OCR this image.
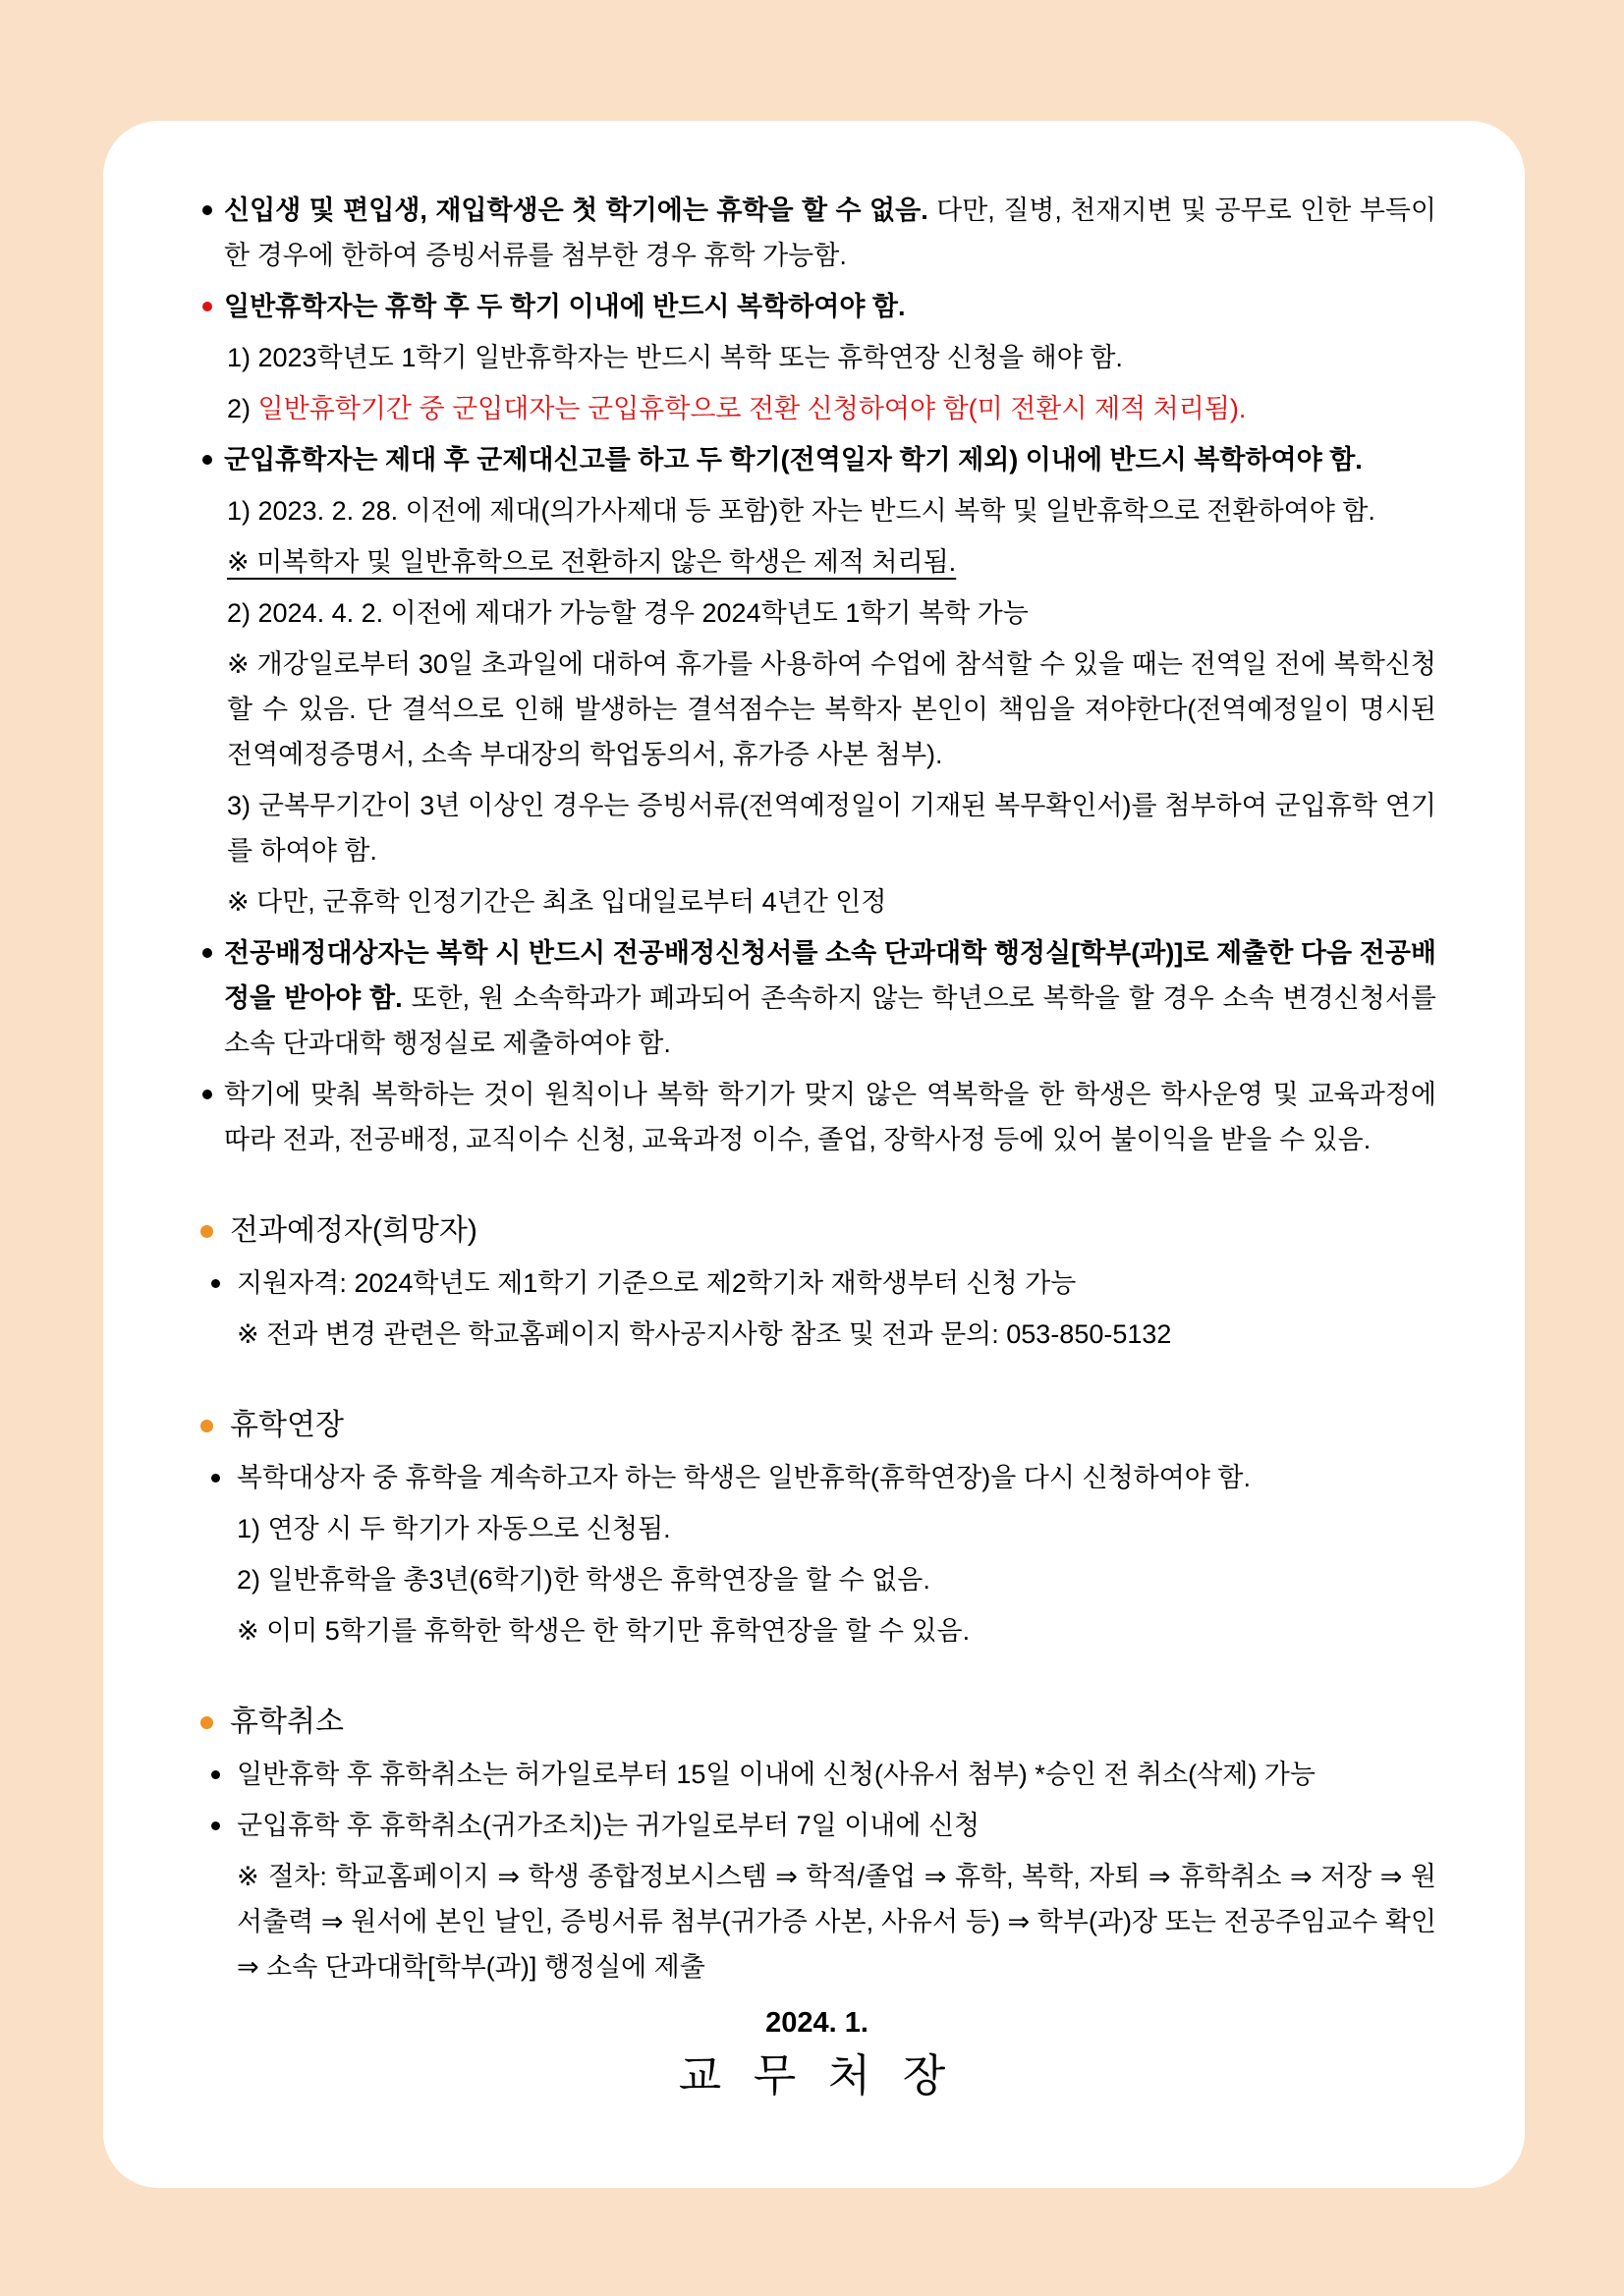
신입생 및 편입생, 재입학생은 첫 학기에는 휴학을 할 수 없음. 다만, 질병, 천재지변 및 공무로 인한 부득이한 경우에 한하여 증빙서류를 첨부한 경우 휴학 가능함.
일반휴학자는 휴학 후 두 학기 이내에 반드시 복학하여야 함.
1) 2023학년도 1학기 일반휴학자는 반드시 복학 또는 휴학연장 신청을 해야 함.
2) 일반휴학기간 중 군입대자는 군입휴학으로 전환 신청하여야 함(미 전환시 제적 처리됨).
군입휴학자는 제대 후 군제대신고를 하고 두 학기(전역일자 학기 제외) 이내에 반드시 복학하여야 함.
1) 2023. 2. 28. 이전에 제대(의가사제대 등 포함)한 자는 반드시 복학 및 일반휴학으로 전환하여야 함.
※ 미복학자 및 일반휴학으로 전환하지 않은 학생은 제적 처리됨.
2) 2024. 4. 2. 이전에 제대가 가능할 경우 2024학년도 1학기 복학 가능
※ 개강일로부터 30일 초과일에 대하여 휴가를 사용하여 수업에 참석할 수 있을 때는 전역일 전에 복학신청 할 수 있음. 단 결석으로 인해 발생하는 결석점수는 복학자 본인이 책임을 져야한다(전역예정일이 명시된 전역예정증명서, 소속 부대장의 학업동의서, 휴가증 사본 첨부).
3) 군복무기간이 3년 이상인 경우는 증빙서류(전역예정일이 기재된 복무확인서)를 첨부하여 군입휴학 연기를 하여야 함.
※ 다만, 군휴학 인정기간은 최초 입대일로부터 4년간 인정
전공배정대상자는 복학 시 반드시 전공배정신청서를 소속 단과대학 행정실[학부(과)]로 제출한 다음 전공배정을 받아야 함. 또한, 원 소속학과가 폐과되어 존속하지 않는 학년으로 복학을 할 경우 소속 변경신청서를 소속 단과대학 행정실로 제출하여야 함.
학기에 맞춰 복학하는 것이 원칙이나 복학 학기가 맞지 않은 역복학을 한 학생은 학사운영 및 교육과정에 따라 전과, 전공배정, 교직이수 신청, 교육과정 이수, 졸업, 장학사정 등에 있어 불이익을 받을 수 있음.
전과예정자(희망자)
지원자격: 2024학년도 제1학기 기준으로 제2학기차 재학생부터 신청 가능
※ 전과 변경 관련은 학교홈페이지 학사공지사항 참조 및 전과 문의: 053-850-5132
휴학연장
복학대상자 중 휴학을 계속하고자 하는 학생은 일반휴학(휴학연장)을 다시 신청하여야 함.
1) 연장 시 두 학기가 자동으로 신청됨.
2) 일반휴학을 총3년(6학기)한 학생은 휴학연장을 할 수 없음.
※ 이미 5학기를 휴학한 학생은 한 학기만 휴학연장을 할 수 있음.
휴학취소
일반휴학 후 휴학취소는 허가일로부터 15일 이내에 신청(사유서 첨부) *승인 전 취소(삭제) 가능
군입휴학 후 휴학취소(귀가조치)는 귀가일로부터 7일 이내에 신청
※ 절차: 학교홈페이지 ⇒ 학생 종합정보시스템 ⇒ 학적/졸업 ⇒ 휴학, 복학, 자퇴 ⇒ 휴학취소 ⇒ 저장 ⇒ 원서출력 ⇒ 원서에 본인 날인, 증빙서류 첨부(귀가증 사본, 사유서 등) ⇒ 학부(과)장 또는 전공주임교수 확인 ⇒ 소속 단과대학[학부(과)] 행정실에 제출
2024. 1.
교 무 처 장
